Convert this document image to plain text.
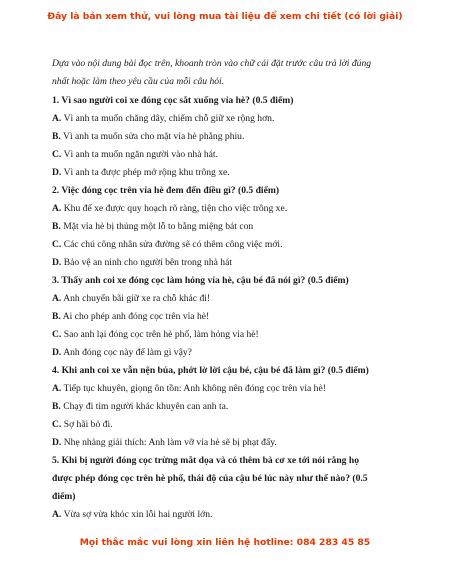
Đây là bản xem thử, vui lòng mua tài liệu để xem chi tiết (có lời giải)
Dựa vào nội dung bài đọc trên, khoanh tròn vào chữ cái đặt trước câu trả lời đúng
nhất hoặc làm theo yêu cầu của mỗi câu hỏi.
1. Vì sao người coi xe đóng cọc sắt xuống vỉa hè? (0.5 điểm)
A. Vì anh ta muốn chăng dây, chiếm chỗ giữ xe rộng hơn.
B. Vì anh ta muốn sửa cho mặt vỉa hè phẳng phiu.
C. Vì anh ta muốn ngăn người vào nhà hát.
D. Vì anh ta được phép mở rộng khu trông xe.
2. Việc đóng cọc trên vỉa hè đem đến điều gì? (0.5 điểm)
A. Khu để xe được quy hoạch rõ ràng, tiện cho việc trông xe.
B. Mặt vỉa hè bị thủng một lỗ to bằng miệng bát con
C. Các chú công nhân sửa đường sẽ có thêm công việc mới.
D. Bảo vệ an ninh cho người bên trong nhà hát
3. Thấy anh coi xe đóng cọc làm hỏng vỉa hè, cậu bé đã nói gì? (0.5 điểm)
A. Anh chuyển bãi giữ xe ra chỗ khác đi!
B. Ai cho phép anh đóng cọc trên vỉa hè!
C. Sao anh lại đóng cọc trên hè phố, làm hỏng vỉa hè!
D. Anh đóng cọc này để làm gì vậy?
4. Khi anh coi xe vẫn nện búa, phớt lờ lời cậu bé, cậu bé đã làm gì? (0.5 điểm)
A. Tiếp tục khuyên, giọng ôn tồn: Anh không nên đóng cọc trên vỉa hè!
B. Chạy đi tìm người khác khuyên can anh ta.
C. Sợ hãi bỏ đi.
D. Nhẹ nhàng giải thích: Anh làm vỡ vỉa hè sẽ bị phạt đấy.
5. Khi bị người đóng cọc trừng mắt dọa và có thêm bà cơ xe tới nói rằng họ
được phép đóng cọc trên hè phố, thái độ của cậu bé lúc này như thế nào? (0.5
điểm)
A. Vừa sợ vừa khóc xin lỗi hai người lớn.
Mọi thắc mắc vui lòng xin liên hệ hotline: 084 283 45 85
